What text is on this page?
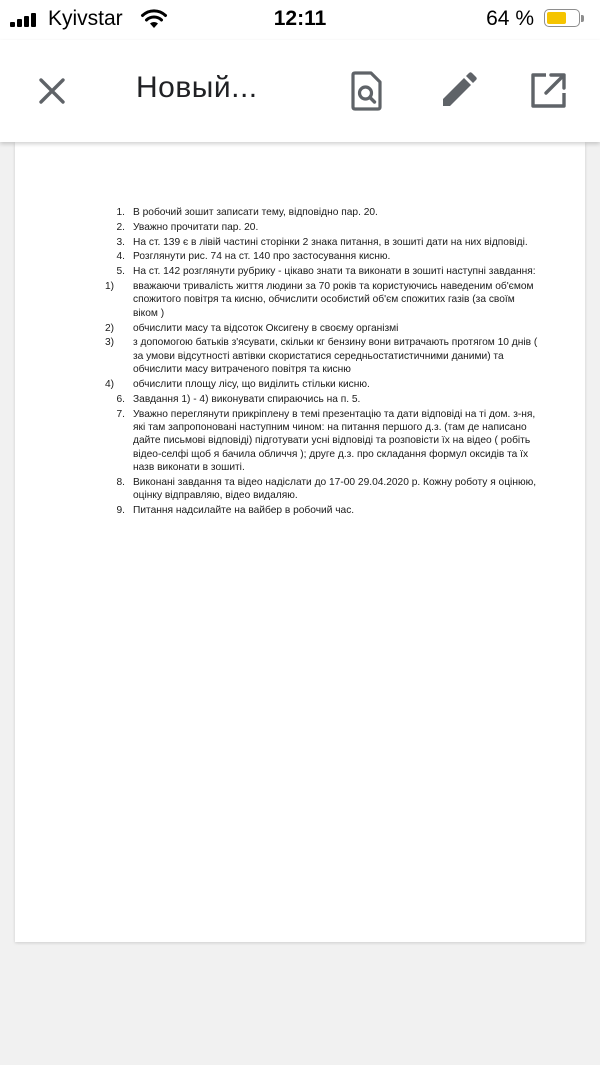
Kyivstar	12:11	64 %
Новый...
1. В робочий зошит записати тему, відповідно пар. 20.
2. Уважно прочитати пар. 20.
3. На ст. 139 є в лівій частині сторінки 2 знака питання, в зошиті дати на них відповіді.
4. Розглянути рис. 74 на ст. 140 про застосування кисню.
5. На ст. 142 розглянути рубрику - цікаво знати та виконати в зошиті наступні завдання:
1)	вважаючи тривалість життя людини за 70 років та користуючись наведеним об'ємом спожитого повітря та кисню, обчислити особистий об'єм спожитих газів (за своїм віком )
2)	обчислити масу та відсоток Оксигену в своєму організмі
3)	з допомогою батьків з'ясувати, скільки кг бензину вони витрачають протягом 10 днів ( за умови відсутності автівки скористатися середньостатистичними даними) та обчислити масу витраченого повітря та кисню
4)	обчислити площу лісу, що виділить стільки кисню.
6. Завдання 1) - 4) виконувати спираючись на п. 5.
7. Уважно переглянути прикріплену в темі презентацію та дати відповіді на ті дом. з-ня, які там запропоновані наступним чином: на питання першого д.з. (там де написано дайте письмові відповіді) підготувати усні відповіді та розповісти їх на відео ( робіть відео-селфі щоб я бачила обличчя ); друге д.з. про складання формул оксидів та їх назв виконати в зошиті.
8. Виконані завдання та відео надіслати до 17-00 29.04.2020 р. Кожну роботу я оцінюю, оцінку відправляю, відео видаляю.
9. Питання надсилайте на вайбер в робочий час.
